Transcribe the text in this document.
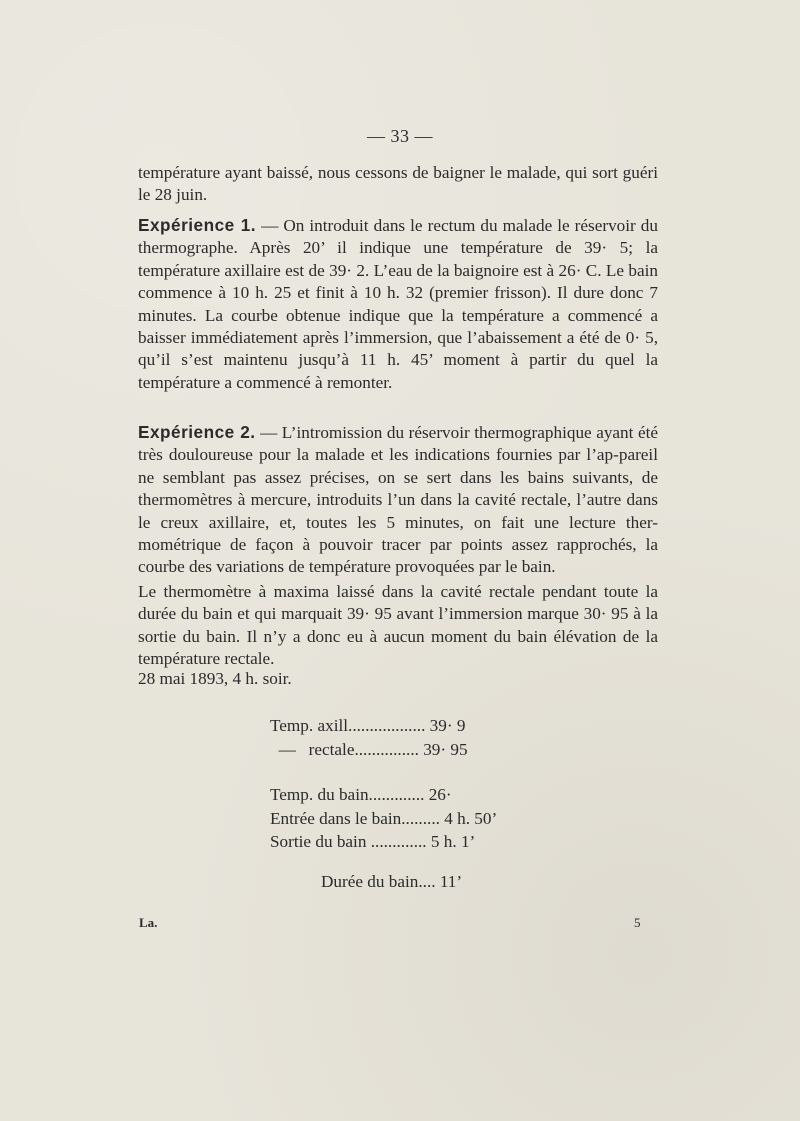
— 33 —

température ayant baissé, nous cessons de baigner le malade, qui sort guéri le 28 juin.

Expérience 1. — On introduit dans le rectum du malade le réservoir du thermographe. Après 20’ il indique une température de 39· 5; la température axillaire est de 39· 2. L’eau de la baignoire est à 26· C. Le bain commence à 10 h. 25 et finit à 10 h. 32 (premier frisson). Il dure donc 7 minutes. La courbe obtenue indique que la température a commencé a baisser immédiatement après l’immersion, que l’abaissement a été de 0· 5, qu’il s’est maintenu jusqu’à 11 h. 45’ moment à partir du quel la température a commencé à remonter.

Expérience 2. — L’intromission du réservoir thermographique ayant été très douloureuse pour la malade et les indications fournies par l’ap-pareil ne semblant pas assez précises, on se sert dans les bains suivants, de thermomètres à mercure, introduits l’un dans la cavité rectale, l’autre dans le creux axillaire, et, toutes les 5 minutes, on fait une lecture ther-mométrique de façon à pouvoir tracer par points assez rapprochés, la courbe des variations de température provoquées par le bain.

Le thermomètre à maxima laissé dans la cavité rectale pendant toute la durée du bain et qui marquait 39· 95 avant l’immersion marque 30· 95 à la sortie du bain. Il n’y a donc eu à aucun moment du bain élévation de la température rectale.

28 mai 1893, 4 h. soir.

Temp. axill.................. 39· 9
—   rectale............... 39· 95
Temp. du bain............. 26·
Entrée dans le bain......... 4 h. 50’
Sortie du bain ............. 5 h. 1’
Durée du bain.... 11’
La.	5
